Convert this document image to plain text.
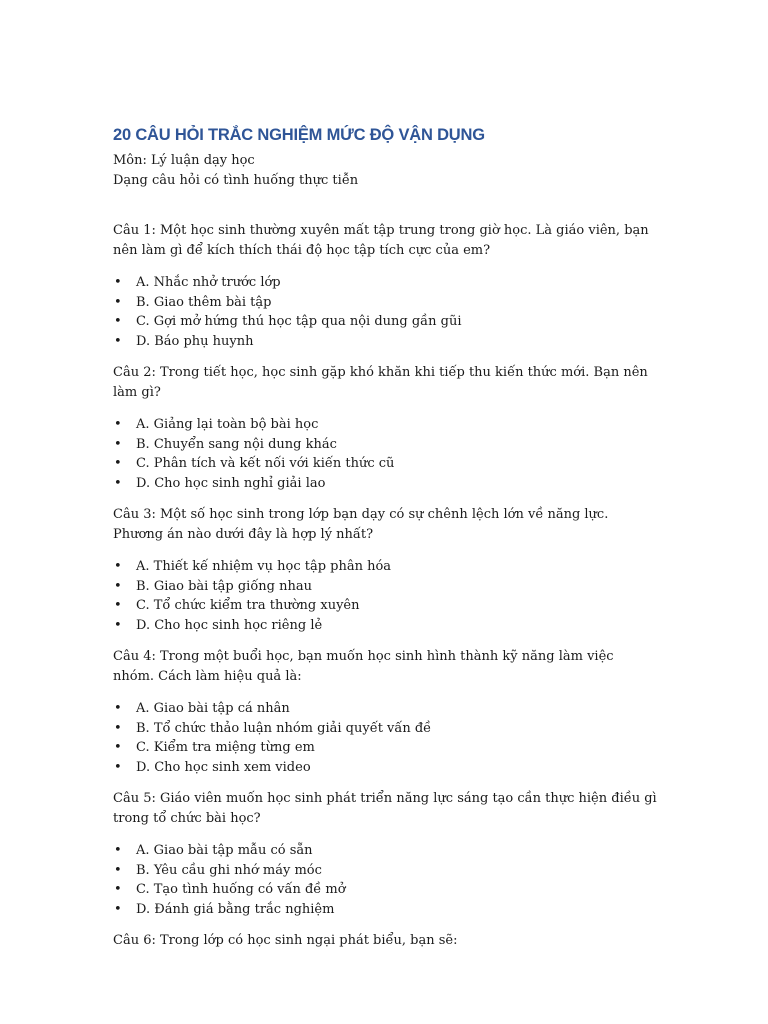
20 CÂU HỎI TRẮC NGHIỆM MỨC ĐỘ VẬN DỤNG

Môn: Lý luận dạy học

Dạng câu hỏi có tình huống thực tiễn

Câu 1: Một học sinh thường xuyên mất tập trung trong giờ học. Là giáo viên, bạn nên làm gì để kích thích thái độ học tập tích cực của em?

• A. Nhắc nhở trước lớp
• B. Giao thêm bài tập
• C. Gợi mở hứng thú học tập qua nội dung gần gũi
• D. Báo phụ huynh

Câu 2: Trong tiết học, học sinh gặp khó khăn khi tiếp thu kiến thức mới. Bạn nên làm gì?

• A. Giảng lại toàn bộ bài học
• B. Chuyển sang nội dung khác
• C. Phân tích và kết nối với kiến thức cũ
• D. Cho học sinh nghỉ giải lao

Câu 3: Một số học sinh trong lớp bạn dạy có sự chênh lệch lớn về năng lực. Phương án nào dưới đây là hợp lý nhất?

• A. Thiết kế nhiệm vụ học tập phân hóa
• B. Giao bài tập giống nhau
• C. Tổ chức kiểm tra thường xuyên
• D. Cho học sinh học riêng lẻ

Câu 4: Trong một buổi học, bạn muốn học sinh hình thành kỹ năng làm việc nhóm. Cách làm hiệu quả là:

• A. Giao bài tập cá nhân
• B. Tổ chức thảo luận nhóm giải quyết vấn đề
• C. Kiểm tra miệng từng em
• D. Cho học sinh xem video

Câu 5: Giáo viên muốn học sinh phát triển năng lực sáng tạo cần thực hiện điều gì trong tổ chức bài học?

• A. Giao bài tập mẫu có sẵn
• B. Yêu cầu ghi nhớ máy móc
• C. Tạo tình huống có vấn đề mở
• D. Đánh giá bằng trắc nghiệm

Câu 6: Trong lớp có học sinh ngại phát biểu, bạn sẽ:
